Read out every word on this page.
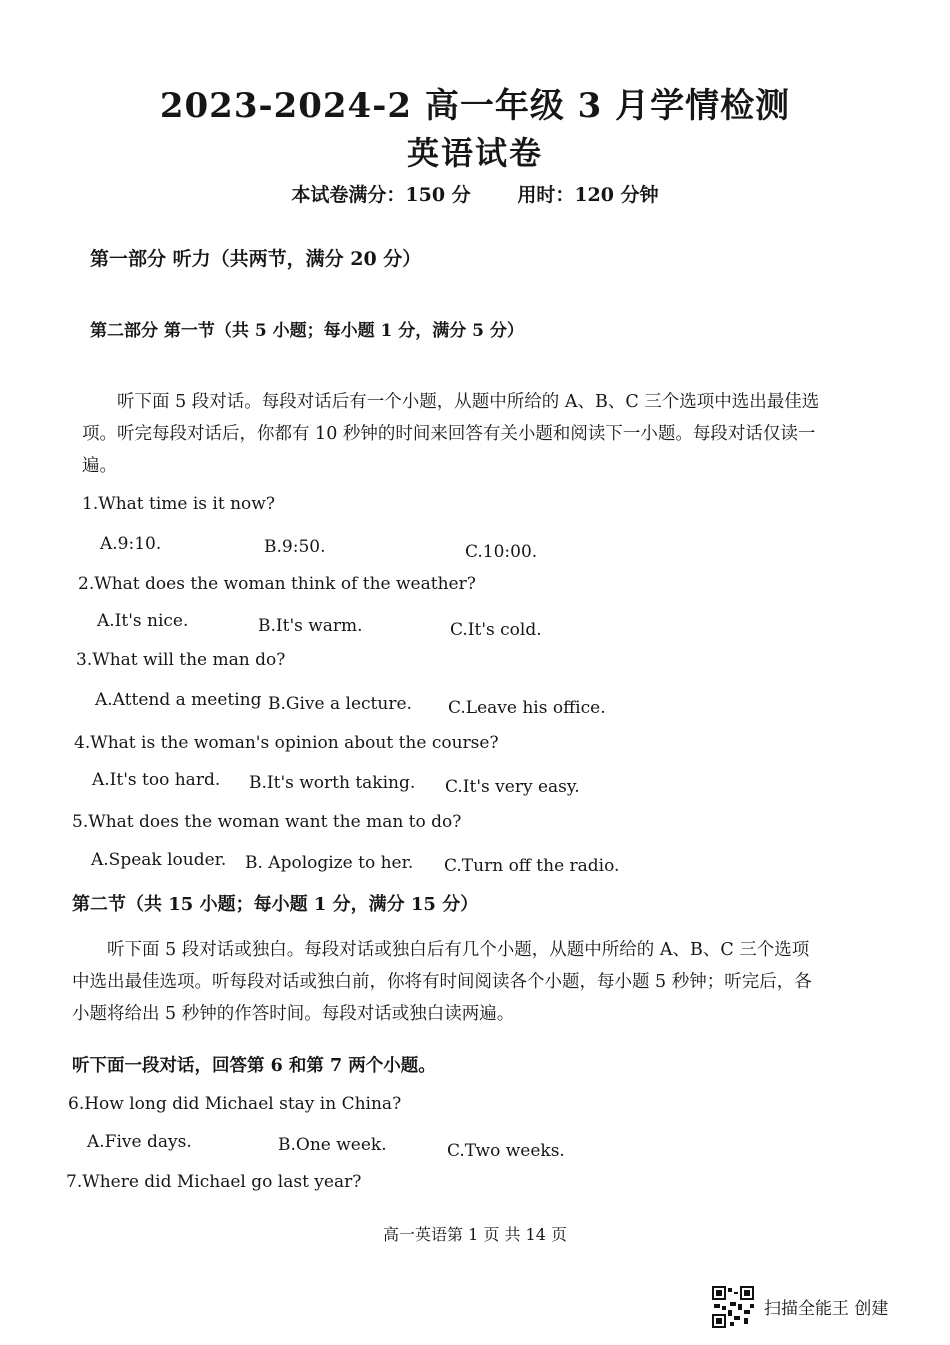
2023-2024-2 高一年级 3 月学情检测
英语试卷
本试卷满分：150 分 用时：120 分钟
第一部分 听力（共两节，满分 20 分）
第二部分 第一节（共 5 小题；每小题 1 分，满分 5 分）
听下面 5 段对话。每段对话后有一个小题，从题中所给的 A、B、C 三个选项中选出最佳选项。听完每段对话后，你都有 10 秒钟的时间来回答有关小题和阅读下一小题。每段对话仅读一遍。
1.What time is it now?
A.9:10.	B.9:50.	C.10:00.
2.What does the woman think of the weather?
A.It's nice.	B.It's warm.	C.It's cold.
3.What will the man do?
A.Attend a meeting B.Give a lecture. C.Leave his office.
4.What is the woman's opinion about the course?
A.It's too hard. B.It's worth taking. C.It's very easy.
5.What does the woman want the man to do?
A.Speak louder. B. Apologize to her. C.Turn off the radio.
第二节（共 15 小题；每小题 1 分，满分 15 分）
听下面 5 段对话或独白。每段对话或独白后有几个小题，从题中所给的 A、B、C 三个选项中选出最佳选项。听每段对话或独白前，你将有时间阅读各个小题，每小题 5 秒钟；听完后，各小题将给出 5 秒钟的作答时间。每段对话或独白读两遍。
听下面一段对话，回答第 6 和第 7 两个小题。
6.How long did Michael stay in China?
A.Five days.	B.One week.	C.Two weeks.
7.Where did Michael go last year?
高一英语第 1 页 共 14 页
扫描全能王 创建
